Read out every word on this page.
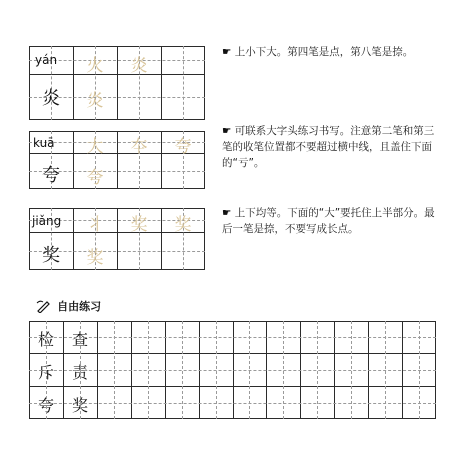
yán
炎
火	炎
炎
☛ 上小下大。第四笔是点，第八笔是捺。
kuā
夸
大	夲	夸
夸
☛ 可联系大字头练习书写。注意第二笔和第三笔的收笔位置都不要超过横中线，且盖住下面的“亏”。
jiǎng
奖
丬	奖	奖
奖
☛ 上下均等。下面的“大”要托住上半部分。最后一笔是捺，不要写成长点。
自由练习
检	查
斥	责
夸	奖
